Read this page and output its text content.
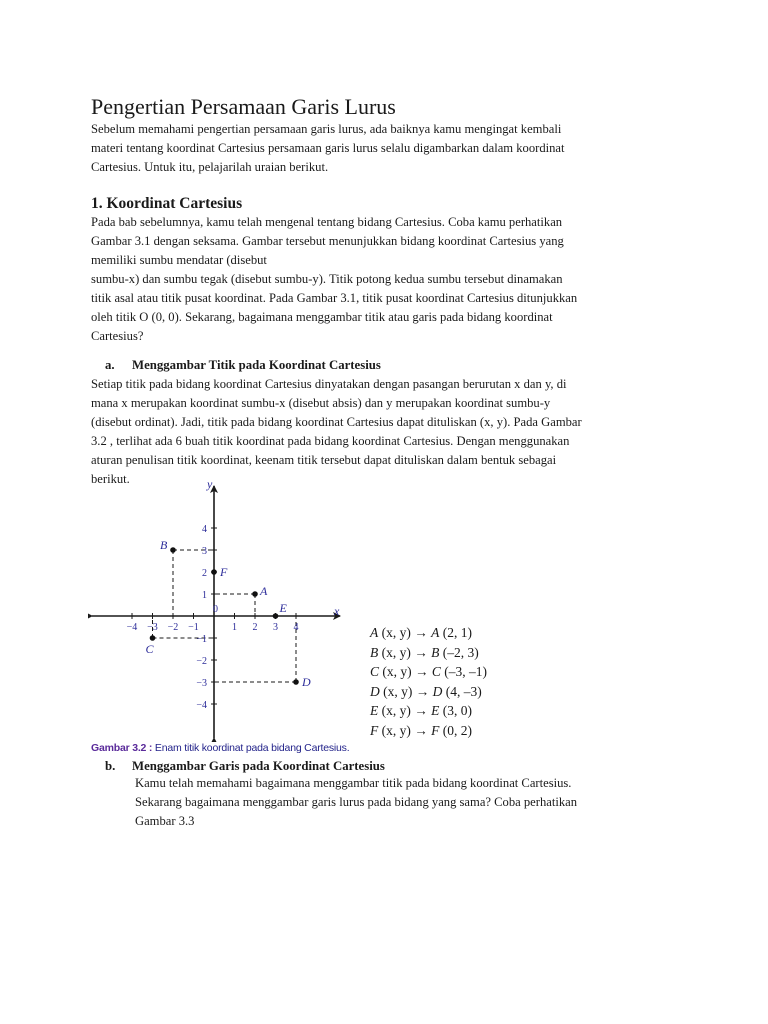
Pengertian Persamaan Garis Lurus
Sebelum memahami pengertian persamaan garis lurus, ada baiknya kamu mengingat kembali
materi tentang koordinat Cartesius persamaan garis lurus selalu digambarkan dalam koordinat
Cartesius. Untuk itu, pelajarilah uraian berikut.
1. Koordinat Cartesius
Pada bab sebelumnya, kamu telah mengenal tentang bidang Cartesius. Coba kamu perhatikan
Gambar 3.1 dengan seksama. Gambar tersebut menunjukkan bidang koordinat Cartesius yang
memiliki sumbu mendatar (disebut
sumbu-x) dan sumbu tegak (disebut sumbu-y). Titik potong kedua sumbu tersebut dinamakan
titik asal atau titik pusat koordinat. Pada Gambar 3.1, titik pusat koordinat Cartesius ditunjukkan
oleh titik O (0, 0). Sekarang, bagaimana menggambar titik atau garis pada bidang koordinat
Cartesius?
a. Menggambar Titik pada Koordinat Cartesius
Setiap titik pada bidang koordinat Cartesius dinyatakan dengan pasangan berurutan x dan y, di
mana x merupakan koordinat sumbu-x (disebut absis) dan y merupakan koordinat sumbu-y
(disebut ordinat). Jadi, titik pada bidang koordinat Cartesius dapat dituliskan (x, y). Pada Gambar
3.2 , terlihat ada 6 buah titik koordinat pada bidang koordinat Cartesius. Dengan menggunakan
aturan penulisan titik koordinat, keenam titik tersebut dapat dituliskan dalam bentuk sebagai
berikut.
x
y
0
−4 −3 −2 −1	1 2 3 4
4
3
2
1
−1
−2
−3
−4
A
B
C
D
E
F
A (x, y) → A (2, 1)
B (x, y) → B (–2, 3)
C (x, y) → C (–3, –1)
D (x, y) → D (4, –3)
E (x, y) → E (3, 0)
F (x, y) → F (0, 2)
Gambar 3.2 : Enam titik koordinat pada bidang Cartesius.
b. Menggambar Garis pada Koordinat Cartesius
Kamu telah memahami bagaimana menggambar titik pada bidang koordinat Cartesius.
Sekarang bagaimana menggambar garis lurus pada bidang yang sama? Coba perhatikan
Gambar 3.3
